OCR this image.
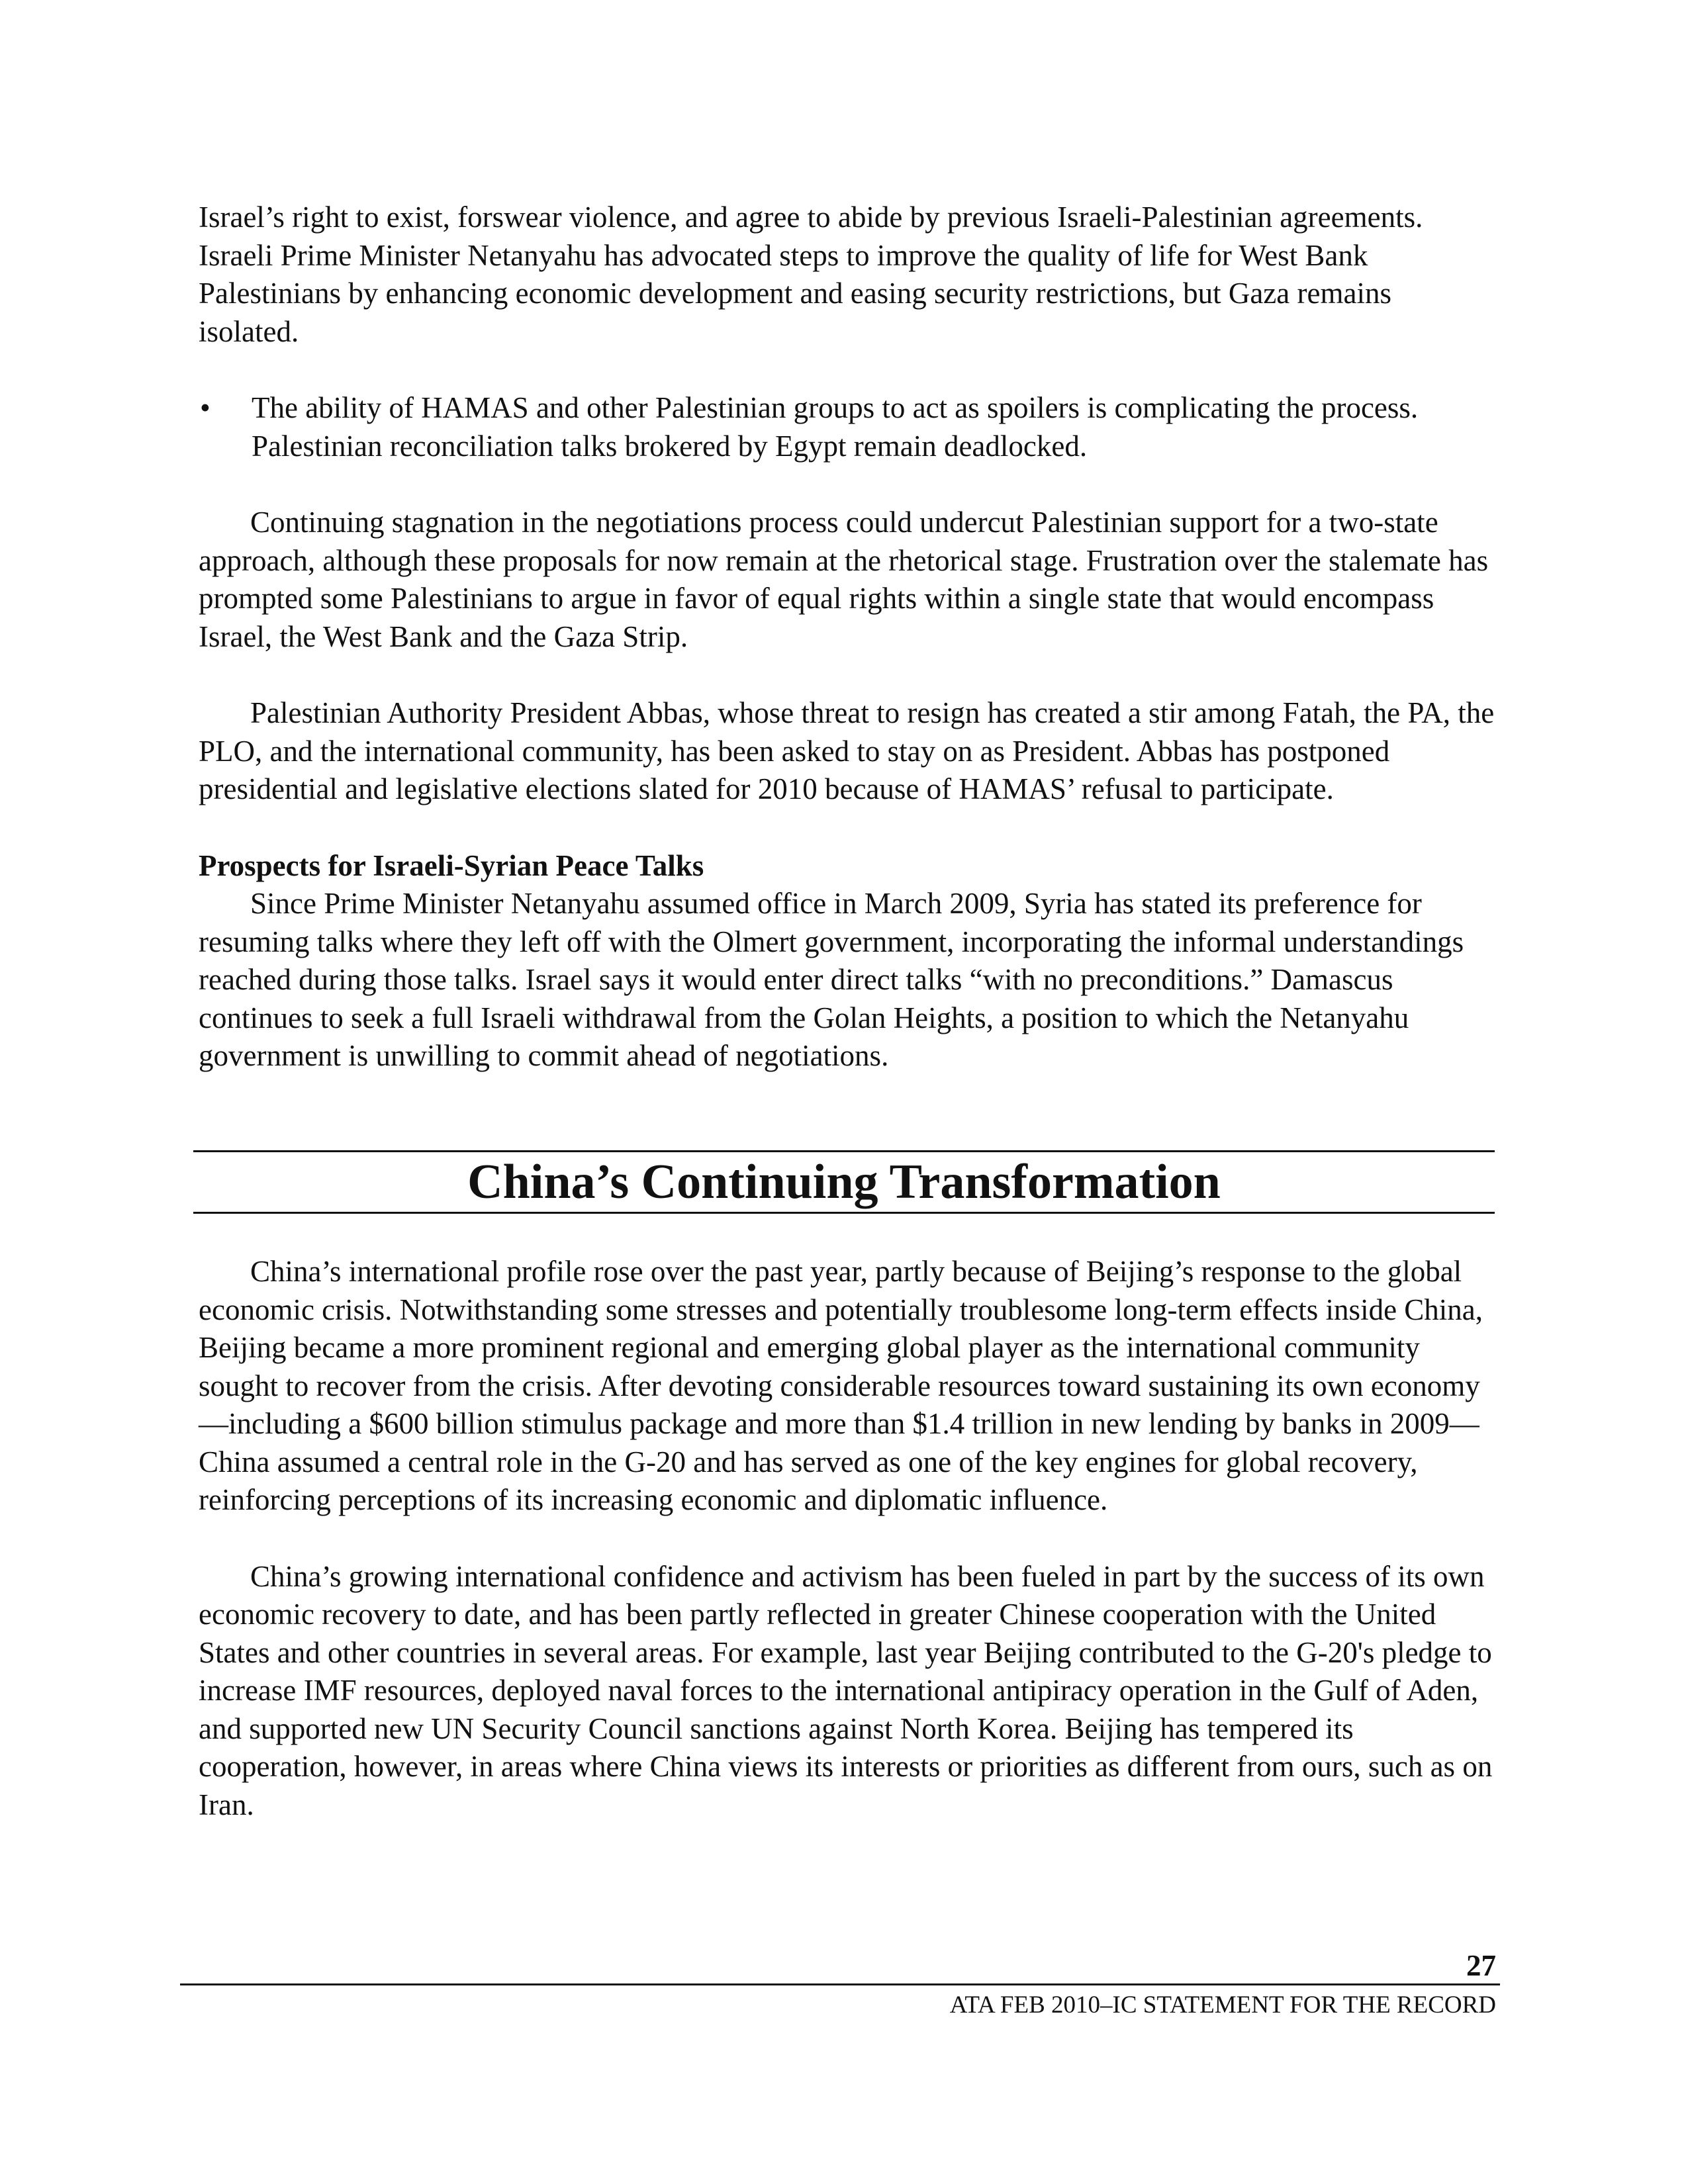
Israel’s right to exist, forswear violence, and agree to abide by previous Israeli-Palestinian agreements. Israeli Prime Minister Netanyahu has advocated steps to improve the quality of life for West Bank Palestinians by enhancing economic development and easing security restrictions, but Gaza remains isolated.

•	The ability of HAMAS and other Palestinian groups to act as spoilers is complicating the process. Palestinian reconciliation talks brokered by Egypt remain deadlocked.

Continuing stagnation in the negotiations process could undercut Palestinian support for a two-state approach, although these proposals for now remain at the rhetorical stage. Frustration over the stalemate has prompted some Palestinians to argue in favor of equal rights within a single state that would encompass Israel, the West Bank and the Gaza Strip.

Palestinian Authority President Abbas, whose threat to resign has created a stir among Fatah, the PA, the PLO, and the international community, has been asked to stay on as President. Abbas has postponed presidential and legislative elections slated for 2010 because of HAMAS’ refusal to participate.

Prospects for Israeli-Syrian Peace Talks

Since Prime Minister Netanyahu assumed office in March 2009, Syria has stated its preference for resuming talks where they left off with the Olmert government, incorporating the informal understandings reached during those talks. Israel says it would enter direct talks “with no preconditions.” Damascus continues to seek a full Israeli withdrawal from the Golan Heights, a position to which the Netanyahu government is unwilling to commit ahead of negotiations.

China’s Continuing Transformation

China’s international profile rose over the past year, partly because of Beijing’s response to the global economic crisis. Notwithstanding some stresses and potentially troublesome long-term effects inside China, Beijing became a more prominent regional and emerging global player as the international community sought to recover from the crisis. After devoting considerable resources toward sustaining its own economy—including a $600 billion stimulus package and more than $1.4 trillion in new lending by banks in 2009—China assumed a central role in the G-20 and has served as one of the key engines for global recovery, reinforcing perceptions of its increasing economic and diplomatic influence.

China’s growing international confidence and activism has been fueled in part by the success of its own economic recovery to date, and has been partly reflected in greater Chinese cooperation with the United States and other countries in several areas. For example, last year Beijing contributed to the G-20's pledge to increase IMF resources, deployed naval forces to the international antipiracy operation in the Gulf of Aden, and supported new UN Security Council sanctions against North Korea. Beijing has tempered its cooperation, however, in areas where China views its interests or priorities as different from ours, such as on Iran.

27
ATA FEB 2010–IC STATEMENT FOR THE RECORD
